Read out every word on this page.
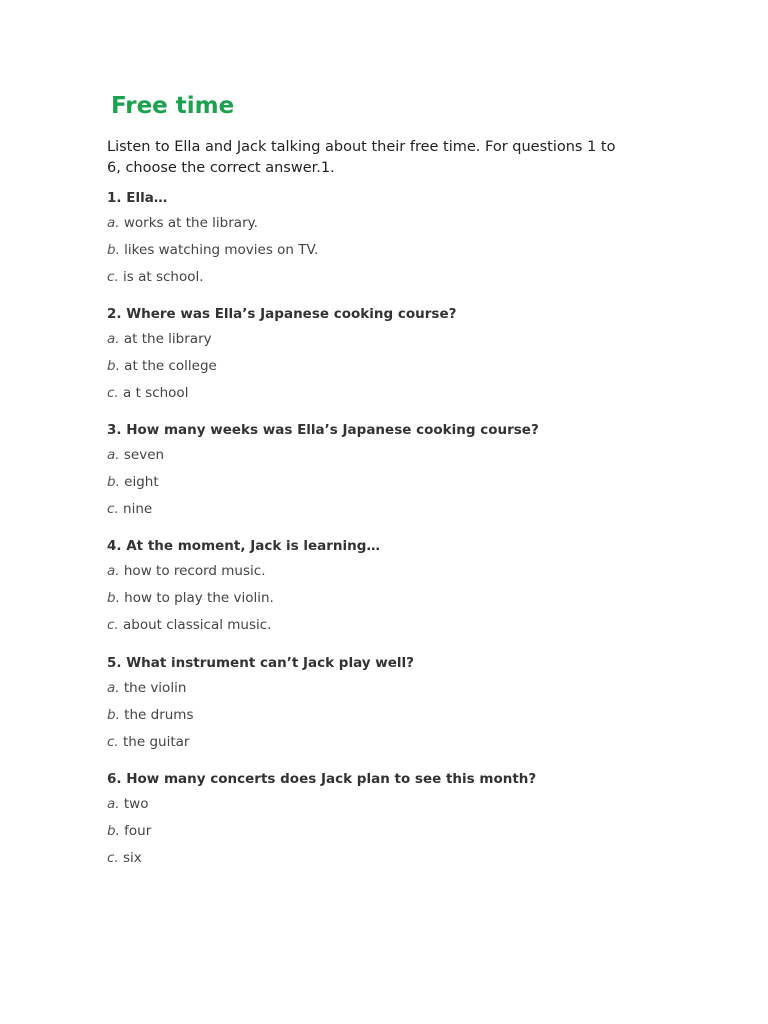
Free time

Listen to Ella and Jack talking about their free time. For questions 1 to 6, choose the correct answer.1.

1. Ella…

a. works at the library.
b. likes watching movies on TV.
c. is at school.

2. Where was Ella’s Japanese cooking course?

a. at the library
b. at the college
c. a t school

3. How many weeks was Ella’s Japanese cooking course?

a. seven
b. eight
c. nine

4. At the moment, Jack is learning…

a. how to record music.
b. how to play the violin.
c. about classical music.

5. What instrument can’t Jack play well?

a. the violin
b. the drums
c. the guitar

6. How many concerts does Jack plan to see this month?

a. two
b. four
c. six
